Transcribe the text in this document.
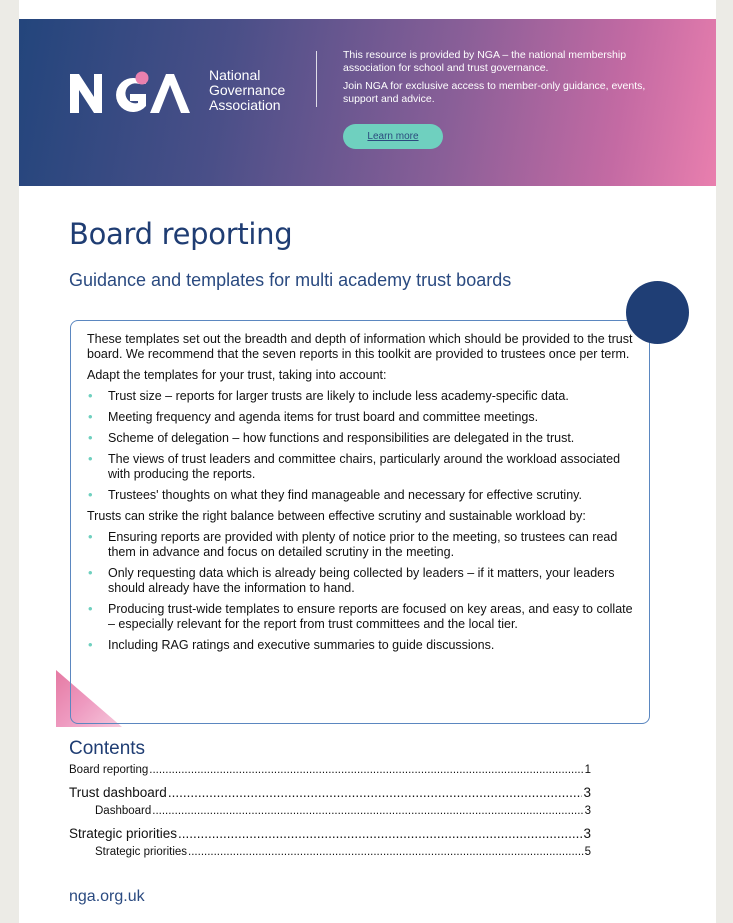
National
Governance
Association

This resource is provided by NGA – the national membership association for school and trust governance.

Join NGA for exclusive access to member-only guidance, events, support and advice.

Learn more
Board reporting
Guidance and templates for multi academy trust boards

These templates set out the breadth and depth of information which should be provided to the trust board. We recommend that the seven reports in this toolkit are provided to trustees once per term.

Adapt the templates for your trust, taking into account:

• Trust size – reports for larger trusts are likely to include less academy-specific data.
• Meeting frequency and agenda items for trust board and committee meetings.
• Scheme of delegation – how functions and responsibilities are delegated in the trust.
• The views of trust leaders and committee chairs, particularly around the workload associated with producing the reports.
• Trustees' thoughts on what they find manageable and necessary for effective scrutiny.

Trusts can strike the right balance between effective scrutiny and sustainable workload by:

• Ensuring reports are provided with plenty of notice prior to the meeting, so trustees can read them in advance and focus on detailed scrutiny in the meeting.
• Only requesting data which is already being collected by leaders – if it matters, your leaders should already have the information to hand.
• Producing trust-wide templates to ensure reports are focused on key areas, and easy to collate – especially relevant for the report from trust committees and the local tier.
• Including RAG ratings and executive summaries to guide discussions.
Contents
Board reporting .....	1
Trust dashboard .....	3
Dashboard .....	3
Strategic priorities .....	3
Strategic priorities .....	5
nga.org.uk
